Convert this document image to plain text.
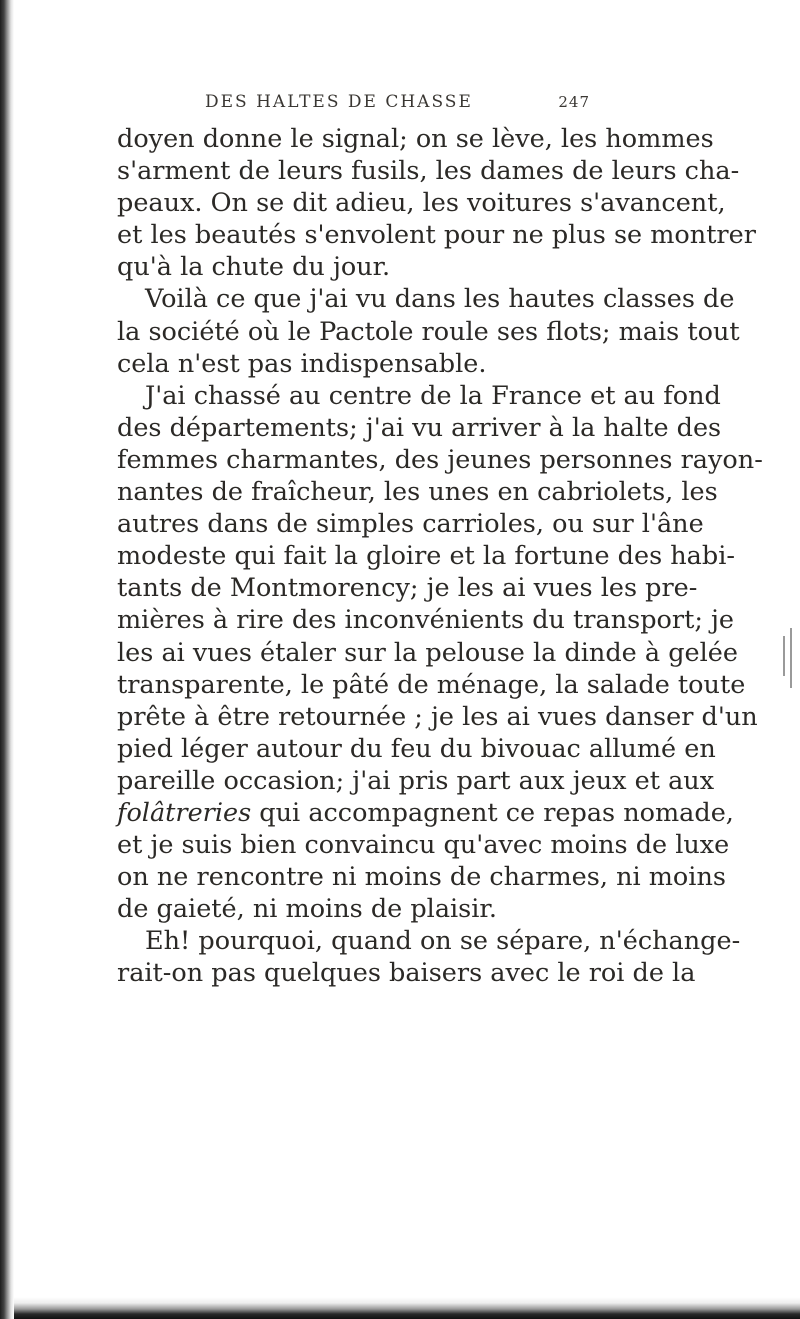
DES HALTES DE CHASSE	247
doyen donne le signal; on se lève, les hommes
s'arment de leurs fusils, les dames de leurs cha-
peaux. On se dit adieu, les voitures s'avancent,
et les beautés s'envolent pour ne plus se montrer
qu'à la chute du jour.
Voilà ce que j'ai vu dans les hautes classes de
la société où le Pactole roule ses flots; mais tout
cela n'est pas indispensable.
J'ai chassé au centre de la France et au fond
des départements; j'ai vu arriver à la halte des
femmes charmantes, des jeunes personnes rayon-
nantes de fraîcheur, les unes en cabriolets, les
autres dans de simples carrioles, ou sur l'âne
modeste qui fait la gloire et la fortune des habi-
tants de Montmorency; je les ai vues les pre-
mières à rire des inconvénients du transport; je
les ai vues étaler sur la pelouse la dinde à gelée
transparente, le pâté de ménage, la salade toute
prête à être retournée ; je les ai vues danser d'un
pied léger autour du feu du bivouac allumé en
pareille occasion; j'ai pris part aux jeux et aux
folâtreries qui accompagnent ce repas nomade,
et je suis bien convaincu qu'avec moins de luxe
on ne rencontre ni moins de charmes, ni moins
de gaieté, ni moins de plaisir.
Eh! pourquoi, quand on se sépare, n'échange-
rait-on pas quelques baisers avec le roi de la
